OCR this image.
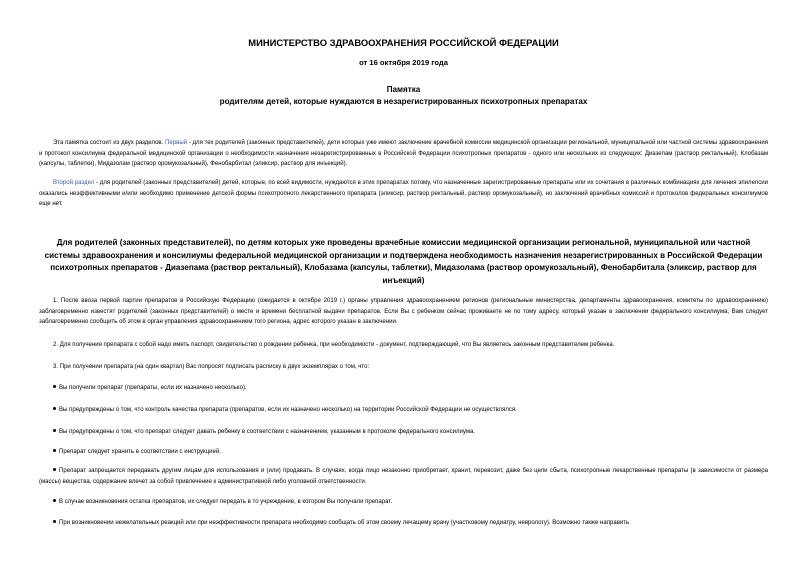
МИНИСТЕРСТВО ЗДРАВООХРАНЕНИЯ РОССИЙСКОЙ ФЕДЕРАЦИИ
от 16 октября 2019 года
Памятка
родителям детей, которые нуждаются в незарегистрированных психотропных препаратах
Эта памятка состоит из двух разделов. Первый - для тех родителей (законных представителей), дети которых уже имеют заключение врачебной комиссии медицинской организации региональной, муниципальной или частной системы здравоохранения и протокол консилиума федеральной медицинской организации о необходимости назначения незарегистрированных в Российской Федерации психотропных препаратов - одного или нескольких из следующих: Диазепам (раствор ректальный), Клобазам (капсулы, таблетки), Мидазолам (раствор оромукозальный), Фенобарбитал (эликсир, раствор для инъекций).
Второй раздел - для родителей (законных представителей) детей, которые, по всей видимости, нуждаются в этих препаратах потому, что назначенные зарегистрированные препараты или их сочетания в различных комбинациях для лечения эпилепсии оказались неэффективными и/или необходимо применение детской формы психотропного лекарственного препарата (эликсир, раствор ректальный, раствор оромукозальный), но заключений врачебных комиссий и протоколов федеральных консилиумов еще нет.
Для родителей (законных представителей), по детям которых уже проведены врачебные комиссии медицинской организации региональной, муниципальной или частной системы здравоохранения и консилиумы федеральной медицинской организации и подтверждена необходимость назначения незарегистрированных в Российской Федерации психотропных препаратов - Диазепама (раствор ректальный), Клобазама (капсулы, таблетки), Мидазолама (раствор оромукозальный), Фенобарбитала (эликсир, раствор для инъекций)
1. После ввоза первой партии препаратов в Российскую Федерацию (ожидается в октябре 2019 г.) органы управления здравоохранением регионов (региональные министерства, департаменты здравоохранения, комитеты по здравоохранению) заблаговременно известят родителей (законных представителей) о месте и времени бесплатной выдачи препаратов. Если Вы с ребенком сейчас проживаете не по тому адресу, который указан в заключении федерального консилиума, Вам следует заблаговременно сообщить об этом в орган управления здравоохранением того региона, адрес которого указан в заключении.
2. Для получения препарата с собой надо иметь паспорт, свидетельство о рождении ребенка, при необходимости - документ, подтверждающий, что Вы являетесь законным представителем ребенка.
3. При получении препарата (на один квартал) Вас попросят подписать расписку в двух экземплярах о том, что:
Вы получили препарат (препараты, если их назначено несколько).
Вы предупреждены о том, что контроль качества препарата (препаратов, если их назначено несколько) на территории Российской Федерации не осуществлялся.
Вы предупреждены о том, что препарат следует давать ребенку в соответствии с назначением, указанным в протоколе федерального консилиума.
Препарат следует хранить в соответствии с инструкцией.
Препарат запрещается передавать другим лицам для использования и (или) продавать. В случаях, когда лицо незаконно приобретает, хранит, перевозит, даже без цели сбыта, психотропные лекарственные препараты (в зависимости от размера (массы) вещества, содержание влечет за собой привлечение к административной либо уголовной ответственности.
В случае возникновения остатка препаратов, их следует передать в то учреждение, в котором Вы получали препарат.
При возникновении нежелательных реакций или при неэффективности препарата необходимо сообщать об этом своему лечащему врачу (участковому педиатру, неврологу). Возможно также направить
